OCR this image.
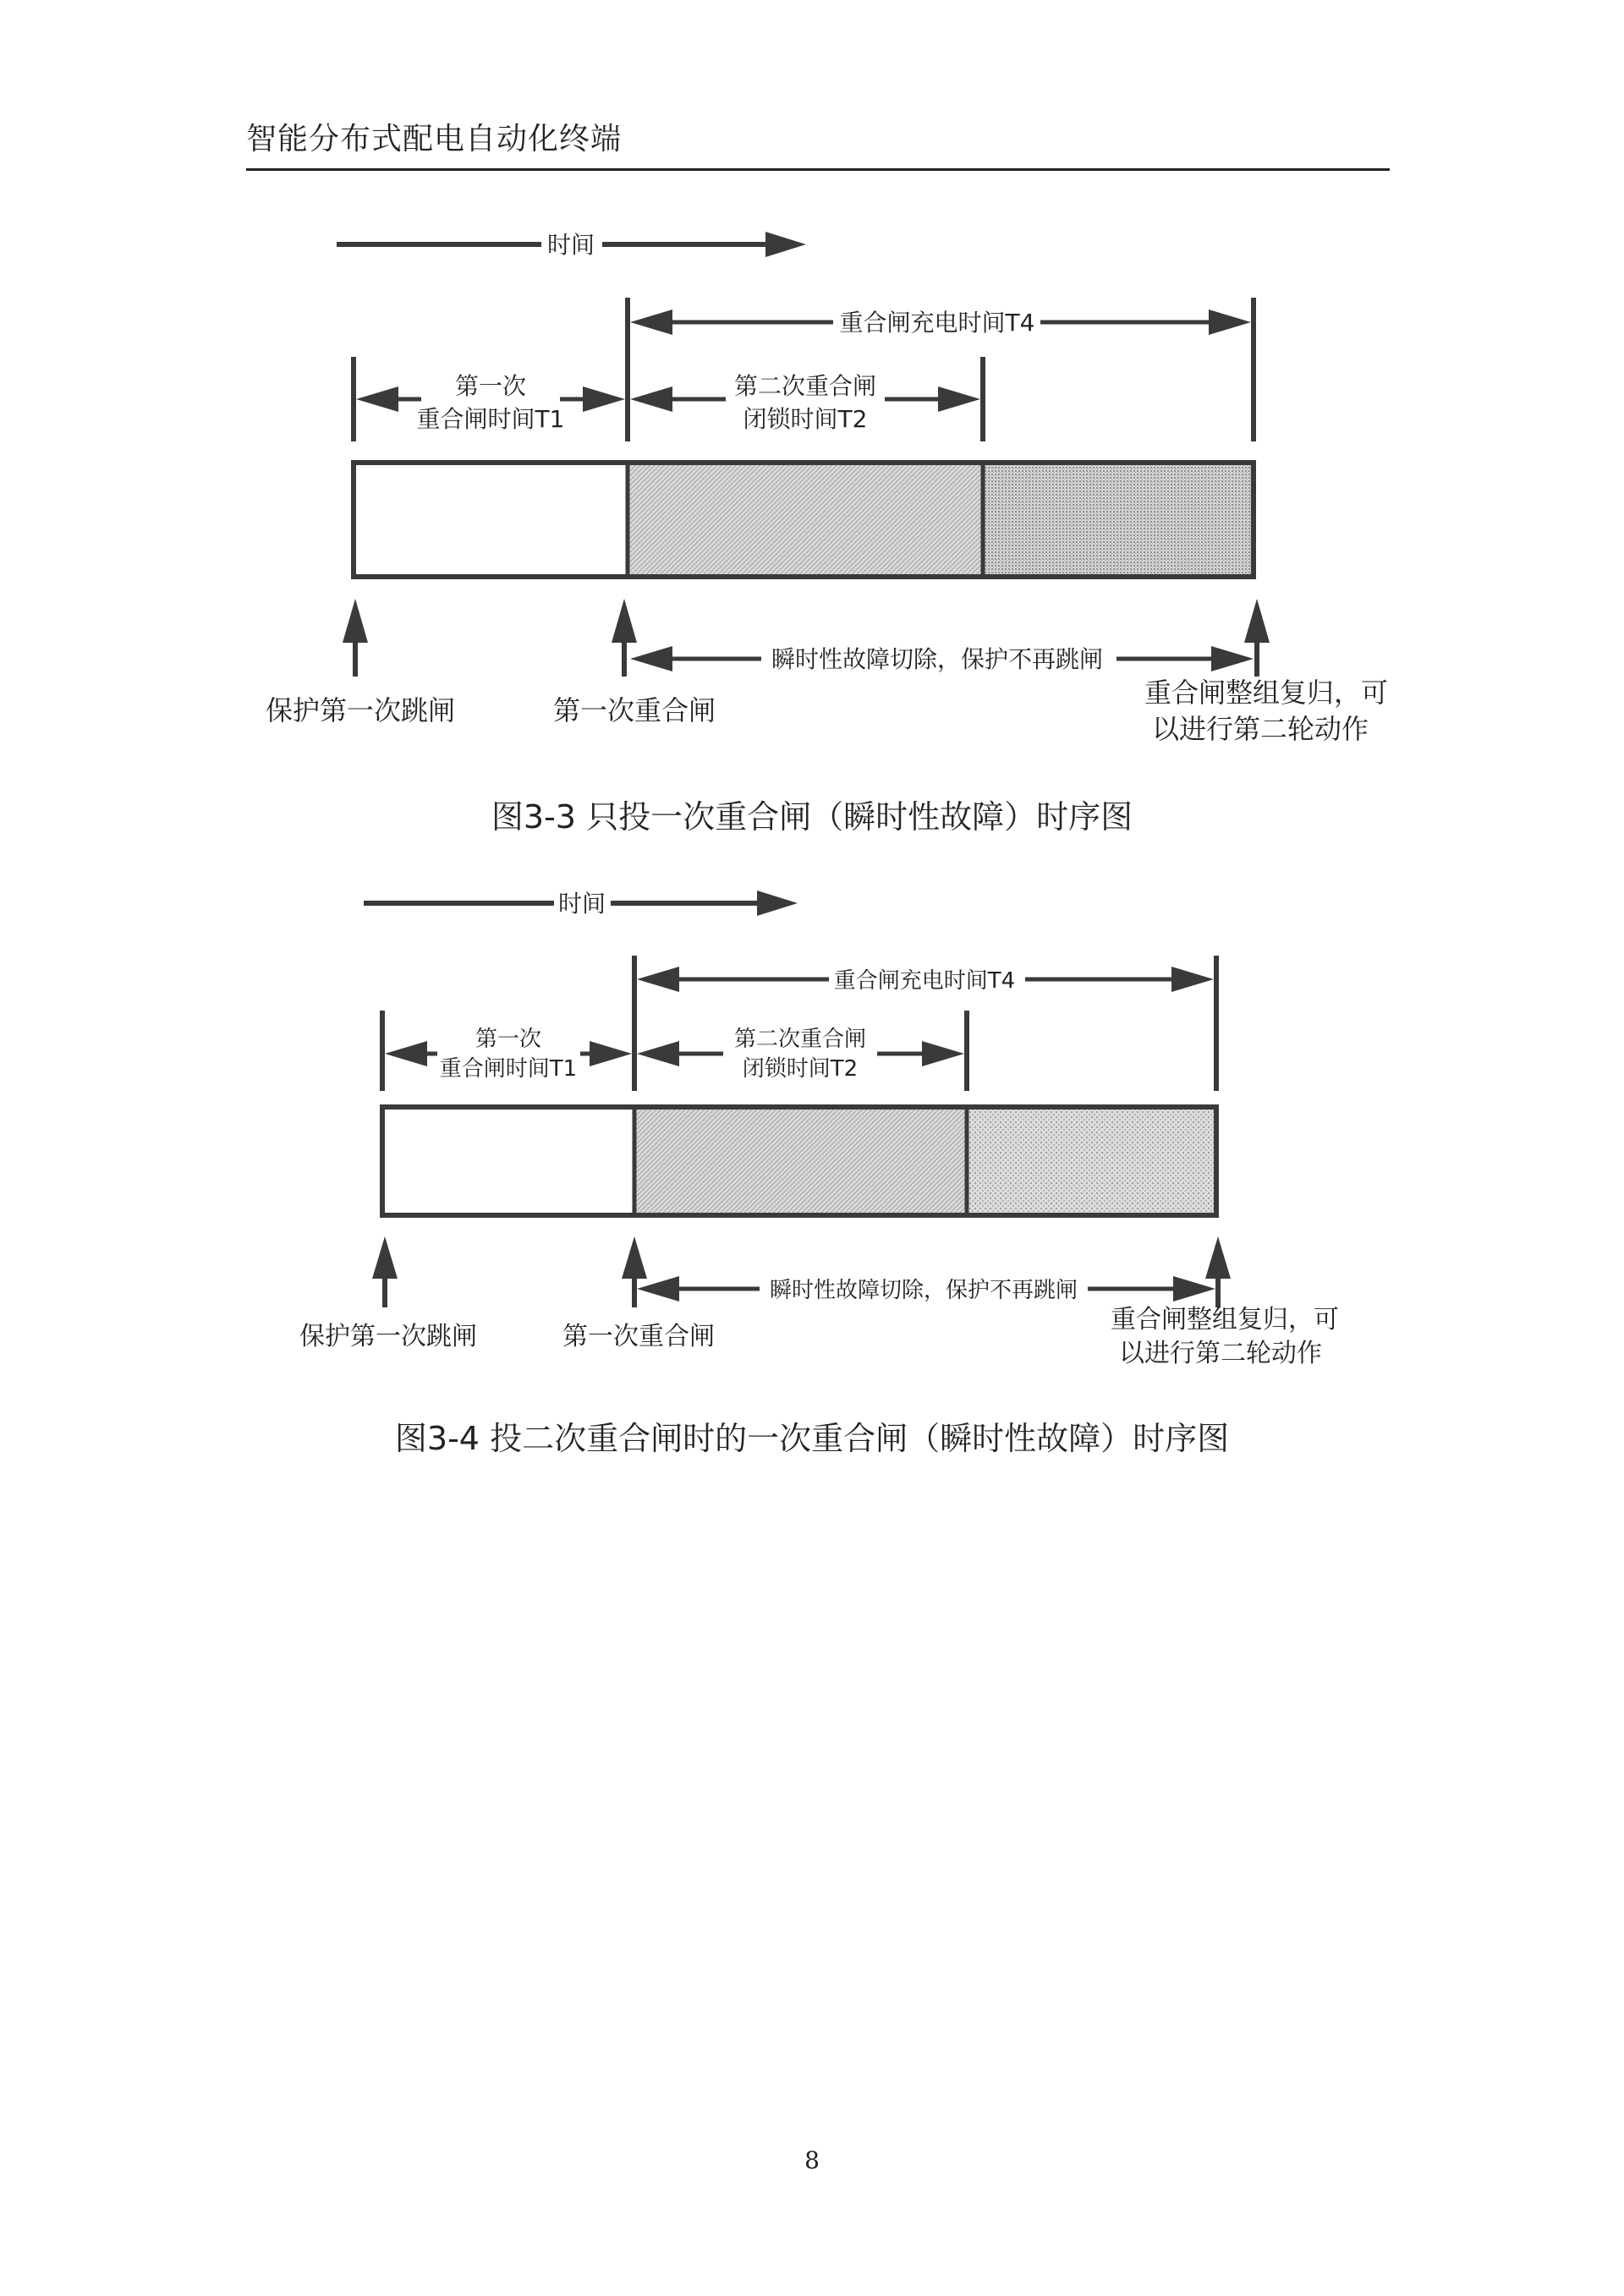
智能分布式配电自动化终端
时间
重合闸充电时间T4
第一次
重合闸时间T1
第二次重合闸
闭锁时间T2
瞬时性故障切除，保护不再跳闸
保护第一次跳闸	第一次重合闸
重合闸整组复归，可
以进行第二轮动作
图3-3 只投一次重合闸（瞬时性故障）时序图
时间
重合闸充电时间T4
第一次
重合闸时间T1
第二次重合闸
闭锁时间T2
瞬时性故障切除，保护不再跳闸
保护第一次跳闸	第一次重合闸
重合闸整组复归，可
以进行第二轮动作
图3-4 投二次重合闸时的一次重合闸（瞬时性故障）时序图
8
